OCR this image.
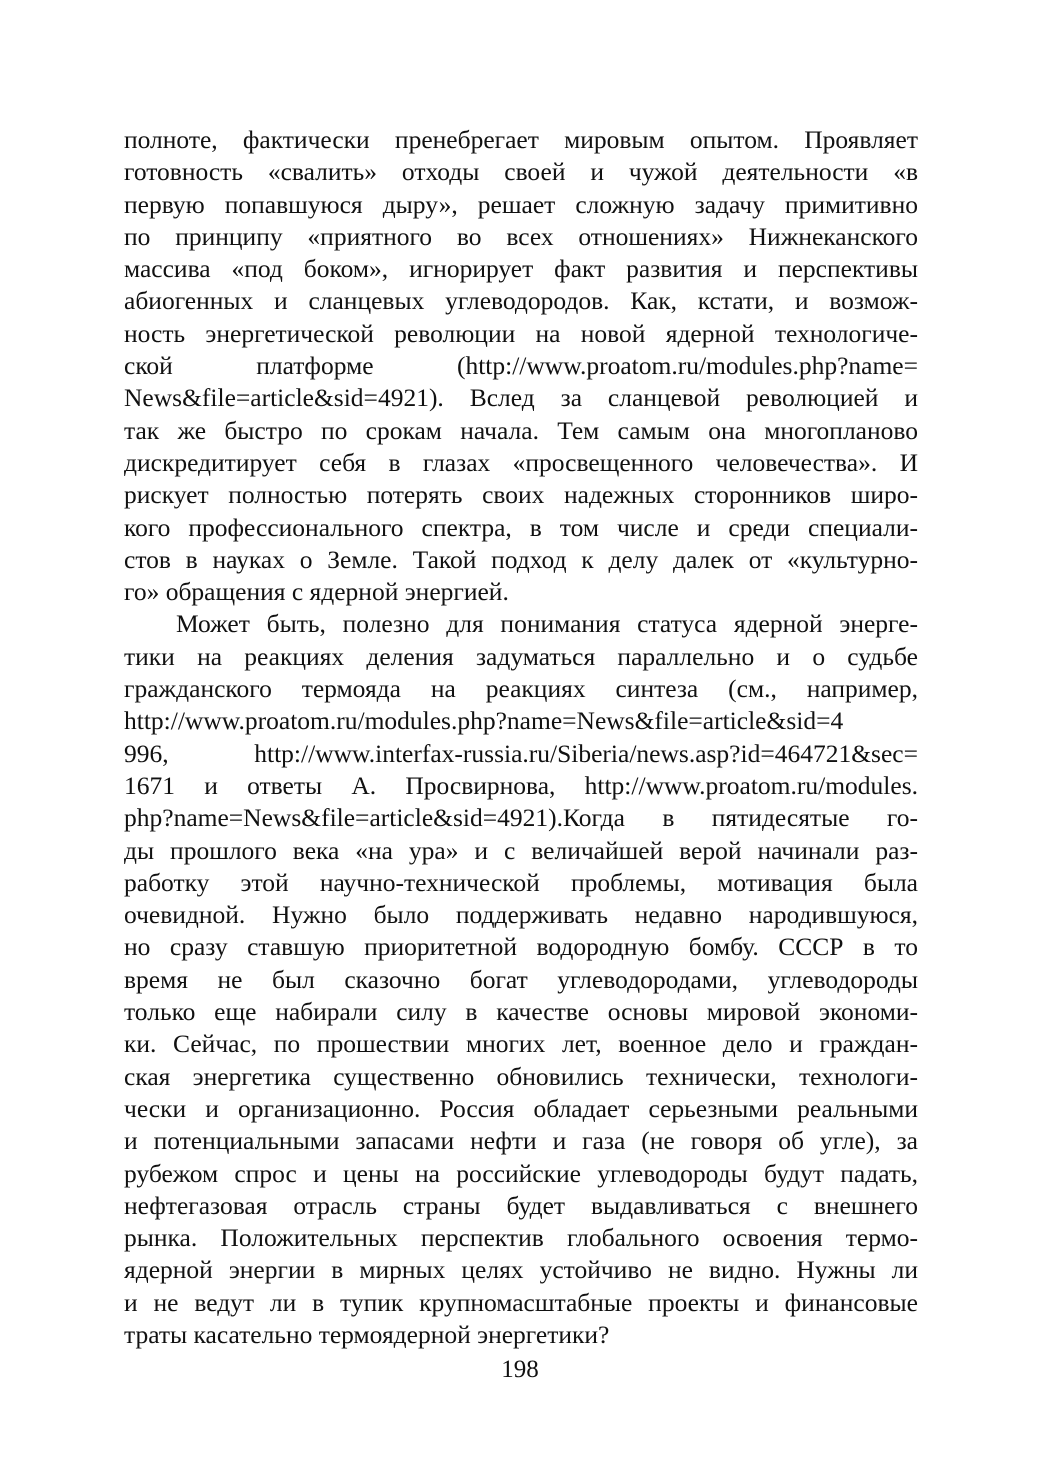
полноте, фактически пренебрегает мировым опытом. Проявляет
готовность «свалить» отходы своей и чужой деятельности «в
первую попавшуюся дыру», решает сложную задачу примитивно
по принципу «приятного во всех отношениях» Нижнеканского
массива «под боком», игнорирует факт развития и перспективы
абиогенных и сланцевых углеводородов. Как, кстати, и возмож-
ность энергетической революции на новой ядерной технологиче-
ской платформе (http://www.proatom.ru/modules.php?name=
News&file=article&sid=4921). Вслед за сланцевой революцией и
так же быстро по срокам начала. Тем самым она многопланово
дискредитирует себя в глазах «просвещенного человечества». И
рискует полностью потерять своих надежных сторонников широ-
кого профессионального спектра, в том числе и среди специали-
стов в науках о Земле. Такой подход к делу далек от «культурно-
го» обращения с ядерной энергией.
Может быть, полезно для понимания статуса ядерной энерге-
тики на реакциях деления задуматься параллельно и о судьбе
гражданского термояда на реакциях синтеза (см., например,
http://www.proatom.ru/modules.php?name=News&file=article&sid=4
996, http://www.interfax-russia.ru/Siberia/news.asp?id=464721&sec=
1671 и ответы А. Просвирнова, http://www.proatom.ru/modules.
php?name=News&file=article&sid=4921).Когда в пятидесятые го-
ды прошлого века «на ура» и с величайшей верой начинали раз-
работку этой научно-технической проблемы, мотивация была
очевидной. Нужно было поддерживать недавно народившуюся,
но сразу ставшую приоритетной водородную бомбу. СССР в то
время не был сказочно богат углеводородами, углеводороды
только еще набирали силу в качестве основы мировой экономи-
ки. Сейчас, по прошествии многих лет, военное дело и граждан-
ская энергетика существенно обновились технически, технологи-
чески и организационно. Россия обладает серьезными реальными
и потенциальными запасами нефти и газа (не говоря об угле), за
рубежом спрос и цены на российские углеводороды будут падать,
нефтегазовая отрасль страны будет выдавливаться с внешнего
рынка. Положительных перспектив глобального освоения термо-
ядерной энергии в мирных целях устойчиво не видно. Нужны ли
и не ведут ли в тупик крупномасштабные проекты и финансовые
траты касательно термоядерной энергетики?
198
